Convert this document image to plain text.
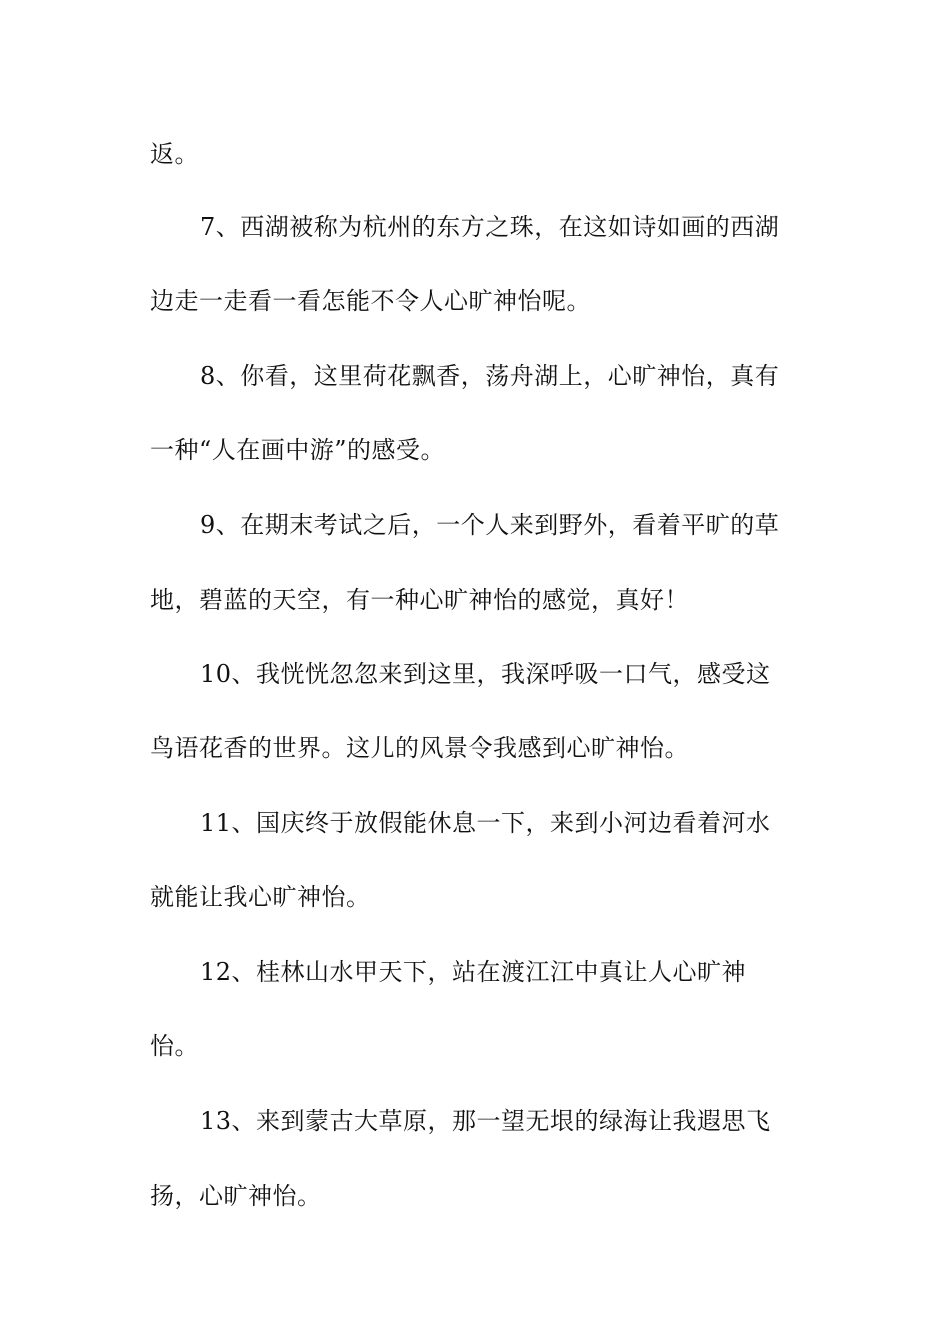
返。
7、西湖被称为杭州的东方之珠，在这如诗如画的西湖
边走一走看一看怎能不令人心旷神怡呢。
8、你看，这里荷花飘香，荡舟湖上，心旷神怡，真有
一种“人在画中游”的感受。
9、在期末考试之后，一个人来到野外，看着平旷的草
地，碧蓝的天空，有一种心旷神怡的感觉，真好！
10、我恍恍忽忽来到这里，我深呼吸一口气，感受这
鸟语花香的世界。这儿的风景令我感到心旷神怡。
11、国庆终于放假能休息一下，来到小河边看着河水
就能让我心旷神怡。
12、桂林山水甲天下，站在渡江江中真让人心旷神
怡。
13、来到蒙古大草原，那一望无垠的绿海让我遐思飞
扬，心旷神怡。
